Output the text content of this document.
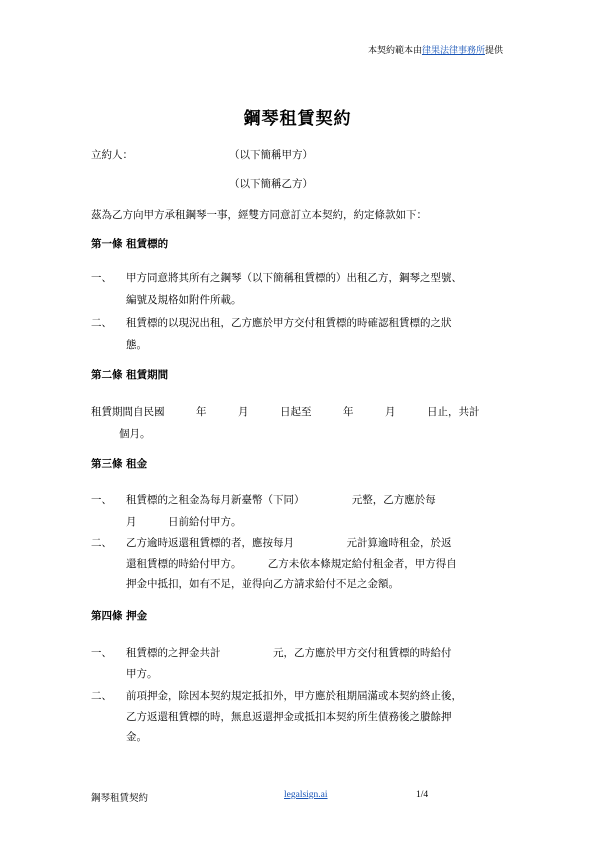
本契約範本由律果法律事務所提供
鋼琴租賃契約
立約人：	（以下簡稱甲方）
（以下簡稱乙方）
茲為乙方向甲方承租鋼琴一事，經雙方同意訂立本契約，約定條款如下：
第一條 租賃標的
一、 甲方同意將其所有之鋼琴（以下簡稱租賃標的）出租乙方，鋼琴之型號、
編號及規格如附件所載。
二、 租賃標的以現況出租，乙方應於甲方交付租賃標的時確認租賃標的之狀
態。
第二條 租賃期間
租賃期間自民國　　　年　　　月　　　日起至　　　年　　　月　　　日止，共計
個月。
第三條 租金
一、 租賃標的之租金為每月新臺幣（下同）　　　　　元整，乙方應於每
月　　　日前給付甲方。
二、 乙方逾時返還租賃標的者，應按每月　　　　　元計算逾時租金，於返
還租賃標的時給付甲方。　　　乙方未依本條規定給付租金者，甲方得自
押金中抵扣，如有不足，並得向乙方請求給付不足之金額。
第四條 押金
一、 租賃標的之押金共計　　　　　元，乙方應於甲方交付租賃標的時給付
甲方。
二、 前項押金，除因本契約規定抵扣外，甲方應於租期屆滿或本契約終止後，
乙方返還租賃標的時，無息返還押金或抵扣本契約所生債務後之賸餘押
金。
鋼琴租賃契約	legalsign.ai	1/4
